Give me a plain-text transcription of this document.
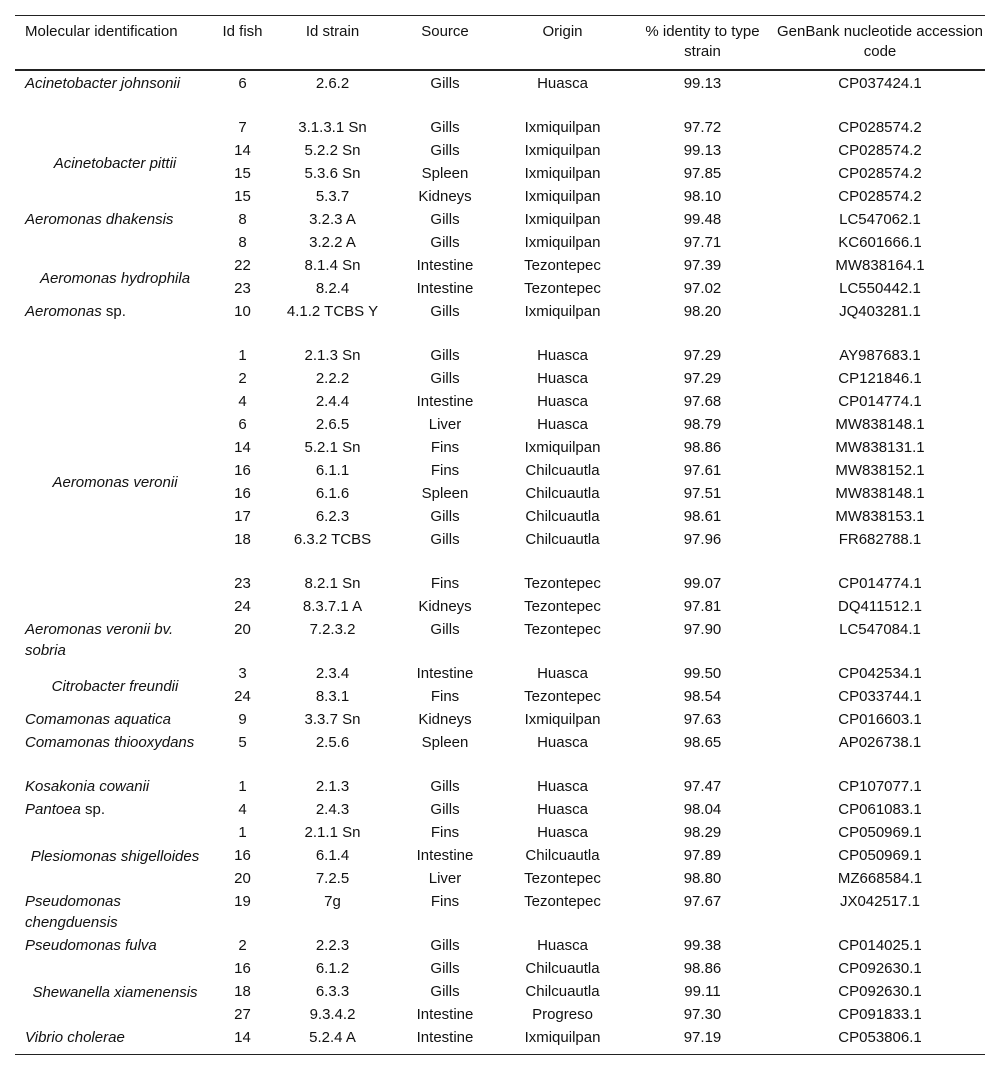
Molecular identification	Id fish	Id strain	Source	Origin	% identity to type strain	GenBank nucleotide accession code
Acinetobacter johnsonii	6	2.6.2	Gills	Huasca	99.13	CP037424.1
Acinetobacter pittii	7	3.1.3.1 Sn	Gills	Ixmiquilpan	97.72	CP028574.2
	14	5.2.2 Sn	Gills	Ixmiquilpan	99.13	CP028574.2
	15	5.3.6 Sn	Spleen	Ixmiquilpan	97.85	CP028574.2
	15	5.3.7	Kidneys	Ixmiquilpan	98.10	CP028574.2
Aeromonas dhakensis	8	3.2.3 A	Gills	Ixmiquilpan	99.48	LC547062.1
	8	3.2.2 A	Gills	Ixmiquilpan	97.71	KC601666.1
Aeromonas hydrophila	22	8.1.4 Sn	Intestine	Tezontepec	97.39	MW838164.1
	23	8.2.4	Intestine	Tezontepec	97.02	LC550442.1
Aeromonas sp.	10	4.1.2 TCBS Y	Gills	Ixmiquilpan	98.20	JQ403281.1
Aeromonas veronii	1	2.1.3 Sn	Gills	Huasca	97.29	AY987683.1
	2	2.2.2	Gills	Huasca	97.29	CP121846.1
	4	2.4.4	Intestine	Huasca	97.68	CP014774.1
	6	2.6.5	Liver	Huasca	98.79	MW838148.1
	14	5.2.1 Sn	Fins	Ixmiquilpan	98.86	MW838131.1
	16	6.1.1	Fins	Chilcuautla	97.61	MW838152.1
	16	6.1.6	Spleen	Chilcuautla	97.51	MW838148.1
	17	6.2.3	Gills	Chilcuautla	98.61	MW838153.1
	18	6.3.2 TCBS	Gills	Chilcuautla	97.96	FR682788.1
	23	8.2.1 Sn	Fins	Tezontepec	99.07	CP014774.1
	24	8.3.7.1 A	Kidneys	Tezontepec	97.81	DQ411512.1
Aeromonas veronii bv. sobria	20	7.2.3.2	Gills	Tezontepec	97.90	LC547084.1
Citrobacter freundii	3	2.3.4	Intestine	Huasca	99.50	CP042534.1
	24	8.3.1	Fins	Tezontepec	98.54	CP033744.1
Comamonas aquatica	9	3.3.7 Sn	Kidneys	Ixmiquilpan	97.63	CP016603.1
Comamonas thiooxydans	5	2.5.6	Spleen	Huasca	98.65	AP026738.1
Kosakonia cowanii	1	2.1.3	Gills	Huasca	97.47	CP107077.1
Pantoea sp.	4	2.4.3	Gills	Huasca	98.04	CP061083.1
Plesiomonas shigelloides	1	2.1.1 Sn	Fins	Huasca	98.29	CP050969.1
	16	6.1.4	Intestine	Chilcuautla	97.89	CP050969.1
	20	7.2.5	Liver	Tezontepec	98.80	MZ668584.1
Pseudomonas chengduensis	19	7g	Fins	Tezontepec	97.67	JX042517.1
Pseudomonas fulva	2	2.2.3	Gills	Huasca	99.38	CP014025.1
Shewanella xiamenensis	16	6.1.2	Gills	Chilcuautla	98.86	CP092630.1
	18	6.3.3	Gills	Chilcuautla	99.11	CP092630.1
	27	9.3.4.2	Intestine	Progreso	97.30	CP091833.1
Vibrio cholerae	14	5.2.4 A	Intestine	Ixmiquilpan	97.19	CP053806.1
